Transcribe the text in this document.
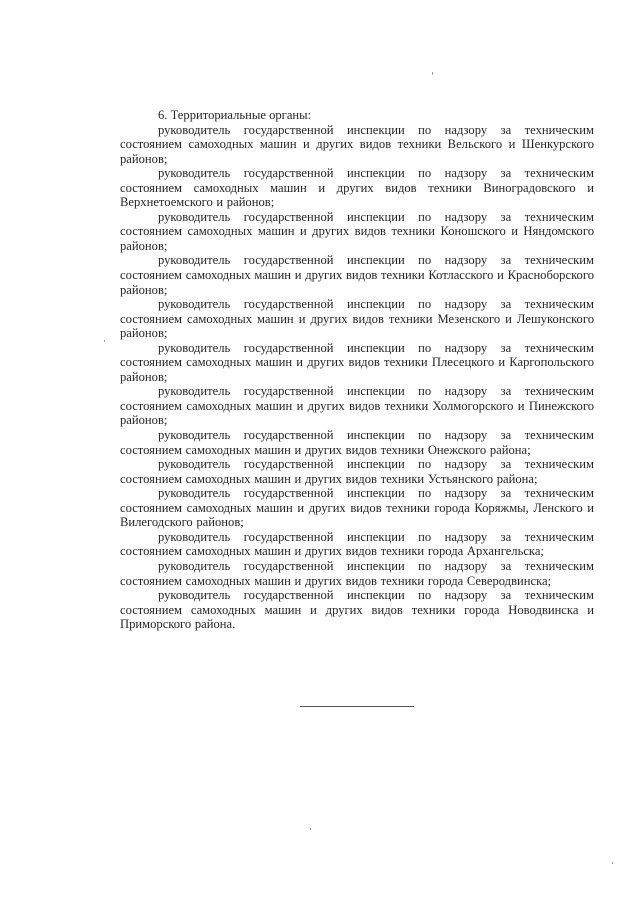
6. Территориальные органы:

руководитель государственной инспекции по надзору за техническим состоянием самоходных машин и других видов техники Вельского и Шенкурского районов;

руководитель государственной инспекции по надзору за техническим состоянием самоходных машин и других видов техники Виноградовского и Верхнетоемского и районов;

руководитель государственной инспекции по надзору за техническим состоянием самоходных машин и других видов техники Коношского и Няндомского районов;

руководитель государственной инспекции по надзору за техническим состоянием самоходных машин и других видов техники Котласского и Красноборского районов;

руководитель государственной инспекции по надзору за техническим состоянием самоходных машин и других видов техники Мезенского и Лешуконского районов;

руководитель государственной инспекции по надзору за техническим состоянием самоходных машин и других видов техники Плесецкого и Каргопольского районов;

руководитель государственной инспекции по надзору за техническим состоянием самоходных машин и других видов техники Холмогорского и Пинежского районов;

руководитель государственной инспекции по надзору за техническим состоянием самоходных машин и других видов техники Онежского района;

руководитель государственной инспекции по надзору за техническим состоянием самоходных машин и других видов техники Устьянского района;

руководитель государственной инспекции по надзору за техническим состоянием самоходных машин и других видов техники города Коряжмы, Ленского и Вилегодского районов;

руководитель государственной инспекции по надзору за техническим состоянием самоходных машин и других видов техники города Архангельска;

руководитель государственной инспекции по надзору за техническим состоянием самоходных машин и других видов техники города Северодвинска;

руководитель государственной инспекции по надзору за техническим состоянием самоходных машин и других видов техники города Новодвинска и Приморского района.
